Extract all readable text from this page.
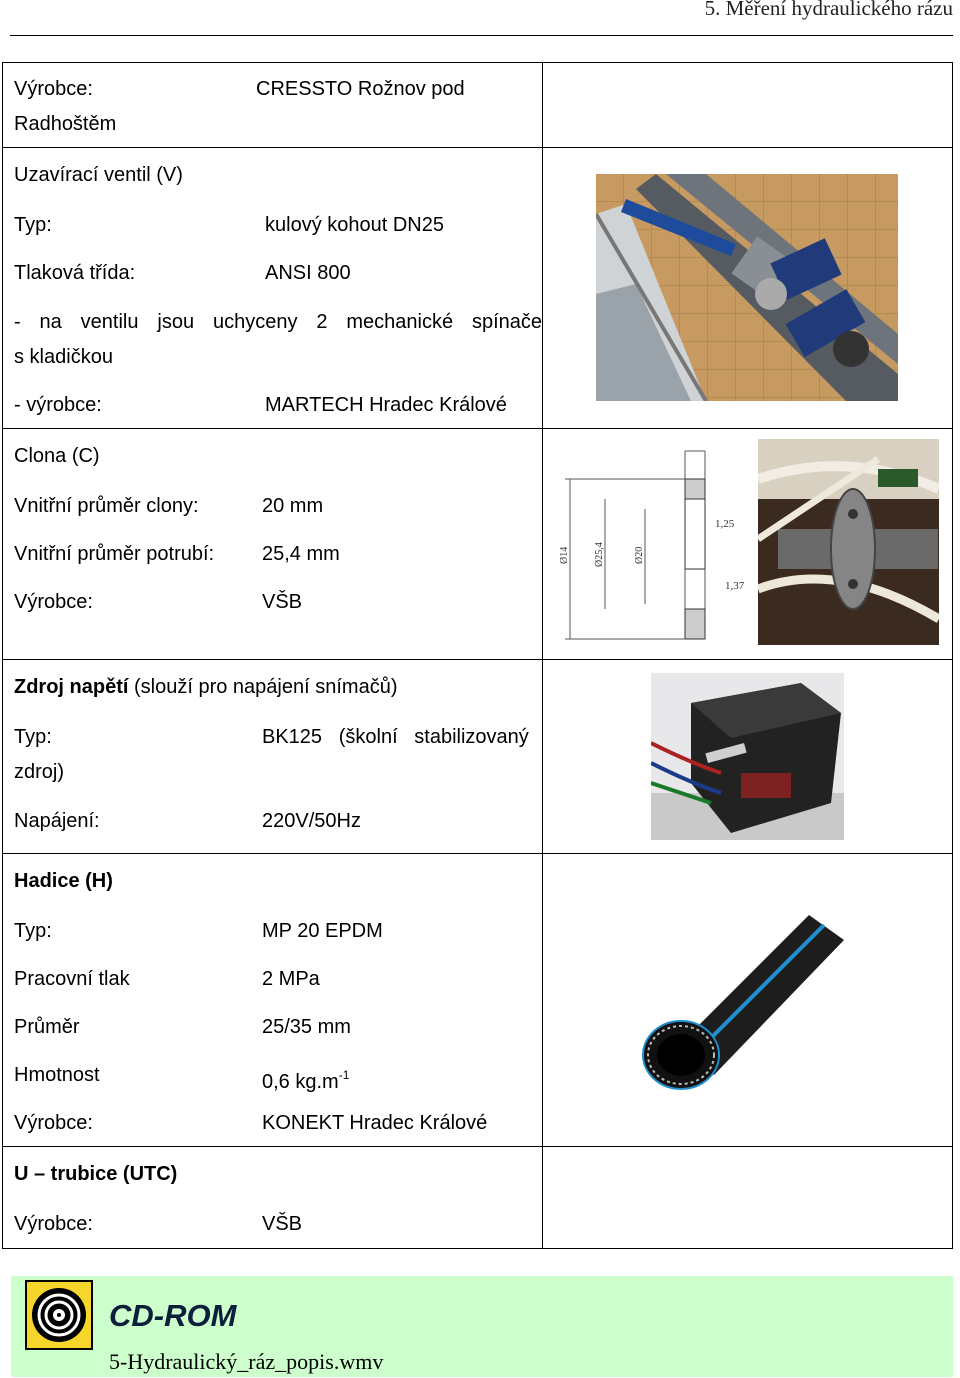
5. Měření hydraulického rázu
Výrobce:	CRESSTO Rožnov pod
Radhoštěm
Uzavírací ventil (V)
Typ:	kulový kohout DN25
Tlaková třída:	ANSI 800
- na ventilu jsou uchyceny 2 mechanické spínače
s kladičkou
- výrobce:	MARTECH Hradec Králové
Clona (C)
Vnitřní průměr clony:	20 mm
Vnitřní průměr potrubí: 25,4 mm
Výrobce:	VŠB
Zdroj napětí (slouží pro napájení snímačů)
Typ:	BK125   (školní   stabilizovaný
zdroj)
Napájení:	220V/50Hz
Hadice (H)
Typ:	MP 20 EPDM
Pracovní tlak	2 MPa
Průměr	25/35 mm
Hmotnost	0,6 $kg.m^{-1}$
Výrobce:	KONEKT Hradec Králové
U – trubice (UTC)
Výrobce:	VŠB
Ø14 Ø25,4	Ø20
1,25
1,37
CD-ROM
5-Hydraulický_ráz_popis.wmv
